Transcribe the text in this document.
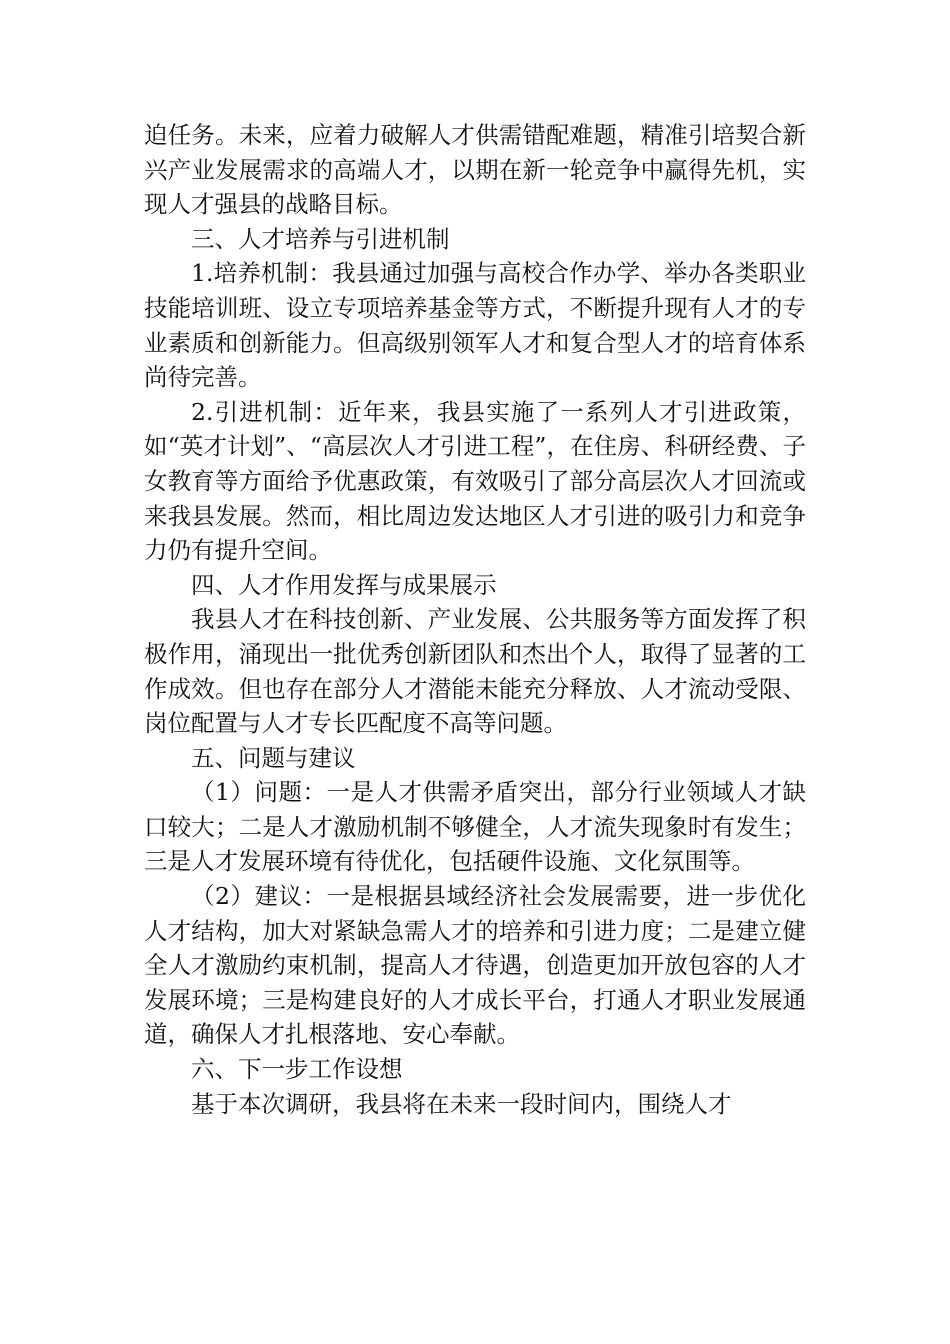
迫任务。未来，应着力破解人才供需错配难题，精准引培契合新兴产业发展需求的高端人才，以期在新一轮竞争中赢得先机，实现人才强县的战略目标。

三、人才培养与引进机制

1.培养机制：我县通过加强与高校合作办学、举办各类职业技能培训班、设立专项培养基金等方式，不断提升现有人才的专业素质和创新能力。但高级别领军人才和复合型人才的培育体系尚待完善。

2.引进机制：近年来，我县实施了一系列人才引进政策，如“英才计划”、“高层次人才引进工程”，在住房、科研经费、子女教育等方面给予优惠政策，有效吸引了部分高层次人才回流或来我县发展。然而，相比周边发达地区人才引进的吸引力和竞争力仍有提升空间。

四、人才作用发挥与成果展示

我县人才在科技创新、产业发展、公共服务等方面发挥了积极作用，涌现出一批优秀创新团队和杰出个人，取得了显著的工作成效。但也存在部分人才潜能未能充分释放、人才流动受限、岗位配置与人才专长匹配度不高等问题。

五、问题与建议

（1）问题：一是人才供需矛盾突出，部分行业领域人才缺口较大；二是人才激励机制不够健全，人才流失现象时有发生；三是人才发展环境有待优化，包括硬件设施、文化氛围等。

（2）建议：一是根据县域经济社会发展需要，进一步优化人才结构，加大对紧缺急需人才的培养和引进力度；二是建立健全人才激励约束机制，提高人才待遇，创造更加开放包容的人才发展环境；三是构建良好的人才成长平台，打通人才职业发展通道，确保人才扎根落地、安心奉献。

六、下一步工作设想

基于本次调研，我县将在未来一段时间内，围绕人才
